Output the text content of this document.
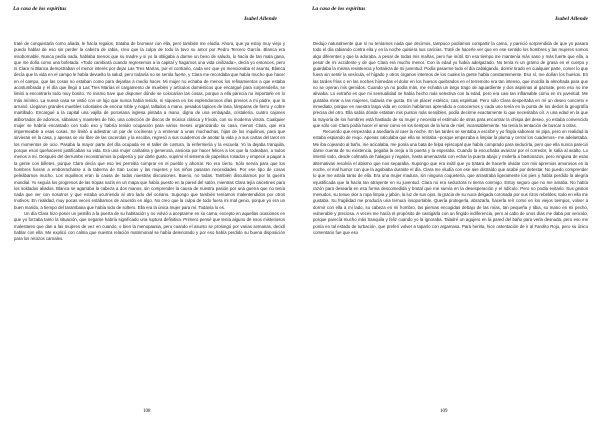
La casa de los espíritus
Isabel Allende

traté de conquistarla como aliada, le hacía regalos, trataba de bromear con ella, pero también me eludía. Ahora, que ya estoy muy viejo y puedo hablar de eso sin perder la cabeza de rabia, creo que la culpa de todo la tuvo su amor por Pedro Tercero García. Blanca era insobornable. Nunca pedía nada, hablaba menos que su madre y si yo la obligaba a darme un beso de saludo, lo hacía de tan mala gana, que me dolía como una bofetada. «Todo cambiará cuando regresemos a la capital y hagamos una vida civilizada», decía yo entonces, pero ni Clara ni Blanca demostraban el menor interés por dejar Las Tres Marías, por el contrario, cada vez que yo mencionaba el asunto, Blanca decía que la vida en el campo le había devuelto la salud, pero todavía no se sentía fuerte, y Clara me recordaba que había mucho que hacer en el campo, que las cosas no estaban como para dejarlas a medio hacer. Mi mujer no echaba de menos los refinamientos a que estaba acostumbrada y el día que llegó a Las Tres Marías el cargamento de muebles y artículos domésticos que encargué para sorprenderla, se limitó a encontrarlo todo muy bonito. Yo mismo tuve que disponer dónde se colocarían las cosas, porque a ella parecía no importarle en lo más mínimo. La nueva casa se vistió con un lujo que nunca había tenido, ni siquiera en los esplendorosos días previos a mi padre, que la arruinó. Llegaron grandes muebles coloniales de encina roble y nogal, tallados a mano, pesados tapices de lana, lámparas de fierro y cobre martillado. Encargué a la capital una vajilla de porcelana inglesa pintada a mano, digna de una embajada, cristalería, cuatro cajones atiborrados de adornos, sábanas y manteles de hilo, una colección de discos de música clásica y frívola, con su moderna vitrola. Cualquier mujer se habría encantado con todo eso y habría tenido ocupación para varios meses organizando su casa, menos Clara, que era impermeable a esas cosas. Se limitó a adiestrar un par de cocineras y a entrenar a unas muchachas, hijas de los inquilinos, para que sirvieran en la casa, y apenas se vio libre de las cacerolas y la escoba, regresó a sus cuadernos de anotar la vida y a sus cartas del tarot en los momentos de ocio. Pasaba la mayor parte del día ocupada en el taller de costura, la enfermería y la escuela. Yo la dejaba tranquila, porque esos quehaceres justificaban su vida. Era una mujer caritativa y generosa, ansiosa por hacer felices a los que la rodeaban, a todos menos a mí. Después del derrumbe reconstruimos la pulpería y por darle gusto, suprimí el sistema de papelitos rosados y empecé a pagar a la gente con billetes, porque Clara decía que eso les permitía comprar en el pueblo y ahorrar. No era cierto. Sólo servía para que los hombres fueran a emborracharse a la taberna de San Lucas y las mujeres y los niños pasaran necesidades. Por ese tipo de cosas peleábamos mucho. Los inquilinos eran la causa de todas nuestras discusiones. Bueno, no todas. También discutíamos por la guerra mundial. Yo seguía los progresos de las tropas nazis en un mapa que había puesto en la pared del salón, mientras Clara tejía calcetines para los soldados aliados. Blanca se agarraba la cabeza a dos manos, sin comprender la causa de nuestra pasión por una guerra que no tenía nada que ver con nosotros y que estaba ocurriendo al otro lado del océano. Supongo que también teníamos malentendidos por otros motivos. En realidad, muy pocas veces estábamos de acuerdo en algo. No creo que la culpa de todo fuera mi mal genio, porque yo era un buen marido, a tiempo del tarambana que había sido de soltero. Ella era la única mujer para mí. Todavía lo es.

Un día Clara hizo poner un pestillo a la puerta de su habitación y no volvió a aceptarme en su cama, excepto en aquellas ocasiones en que yo forzaba tanto la situación, que negarse habría significado una ruptura definitiva. Primero pensé que tenía alguno de esos misteriosos malestares que dan a las mujeres de vez en cuando, o bien la menopausia, pero cuando el asunto se prolongó por varias semanas, decidí hablar con ella. Me explicó con calma que nuestra relación matrimonial se había deteriorado y por eso había perdido su buena disposición para los retozos carnales.

108
La casa de los espíritus
Isabel Allende

Dedujo naturalmente que si no teníamos nada que decirnos, tampoco podíamos compartir la cama, y pareció sorprendida de que yo pasara todo el día rabiando contra ella y en la noche quisiera sus caricias. Traté de hacerle ver que en ese sentido los hombres y las mujeres somos algo diferentes y que la adoraba, a pesar de todas mis mañas, pero fue inútil. En esa tiempo me mantenía más sano y más fuerte que ella, a pesar de mi accidente y de que Clara era mucho menor. Con la edad yo había adelgazado. No tenía ni un gramo de grasa en el cuerpo y guardaba la misma resistencia y fortaleza de mi juventud. Podía pasarme todo el día cabalgando, dormir tirado en cualquier parte, comer lo que fuera sin sentir la vesícula, el hígado y otros órganos internos de los cuales la gente habla constantemente. Eso sí, me dolían los huesos. En las tardes frías o en las noches húmedas el dolor en los huesos quebrados en el terremoto era tan intenso, que mordía la almohada para que no se oyeran mis gemidos. Cuando ya no podía más, me echaba un largo trago de aguardiente y dos aspirinas al gaznate, pero eso no me aliviaba. Lo extraño es que mi sensualidad se había hecho más selectiva con la edad, pero era casi tan inflamable como en mi juventud. Me gustaba mirar a las mujeres, todavía me gusta. Es un placer estético, casi espiritual. Pero sólo Clara despertaba en mí un deseo concreto e inmediato, porque en nuestra larga vida en común habíamos aprendido a conocernos y cada uno tenía en la punta de los dedos la geografía precisa del otro. Ella sabía dónde estaban mis puntos más sensibles, podía decirme exactamente lo que necesitaba oír. A una edad en la que la mayoría de los hombres está hastiado de su mujer y necesita el estímulo de otras para encontrar la chispa del deseo, yo estaba convencido que sólo con Clara podía hacer el amor como en los tiempos de la luna de miel, incansablemente. No tenía la tentación de buscar a otras.

Recuerdo que empezaba a asediarla al caer la noche. En las tardes se sentaba a escribir y yo fingía saborear mi pipa, pero en realidad la estaba espiando de reojo. Apenas calculaba que ella se retiraba –porque empezaba a limpiar la pluma y cerrar los cuadernos– me adelantaba. Me iba cojeando al baño, me acicalaba, me ponía una bata de felpa episcopal que había comprado para seducirla, pero que ella nunca pareció darse cuenta de su existencia, pegaba la oreja a la puerta y la esperaba. Cuando la escuchaba avanzar por el corredor, le salía al asalto. Lo intenté todo, desde colmarla de halagos y regalos, hasta amenazarla con echar la puerta abajo y molerla a bastonazos, pero ninguna de esas alternativas resolvía el abismo que nos separaba. Supongo que era inútil que yo tratara de hacerle olvidar con mis apremios amorosos en la noche, el mal humor con que la agobiaba durante el día. Clara me eludía con ese aire distraído que acabé por detestar. No puedo comprender lo que me atraía tanto de ella. Era una mujer madura, sin ninguna coquetería, que arrastraba ligeramente los pies y había perdido la alegría injustificada que la hacía tan atrayente en su juventud. Clara no era seductora ni tierna conmigo. Estoy seguro que no me amaba. No había razón para desearla en esa forma descomedida y brutal que me sumía en la desesperación y el ridículo. Pero no podía evitarlo. Sus gestos menudos, su tenue olor a ropa limpia y jabón, la luz de sus ojos, la gracia de su nuca delgada coronada por sus rizos rebeldes, todo en ella me gustaba. Su fragilidad me producía una ternura insoportable. Quería protegerla, abrazarla, hacerla reír como en los viejos tiempos, volver a dormir con ella a mi lado, su cabeza en mi hombro, las piernas encogidas debajo de las mías, tan pequeña y tibia, su mano en mi pecho, vulnerable y preciosa. A veces me hacía el propósito de castigarla con un fingido indiferencia, pero al cabo de unos días me daba por vencido, porque parecía mucho más tranquila y feliz cuando yo la ignoraba. Taladré un agujero en la pared del baño para verla desnuda, pero eso me ponía en tal estado de turbación, que preferí volver a taparlo con argamasa. Para herirla, hice ostentación de ir al Farolito Rojo, pero su único comentario fue que eso

109
